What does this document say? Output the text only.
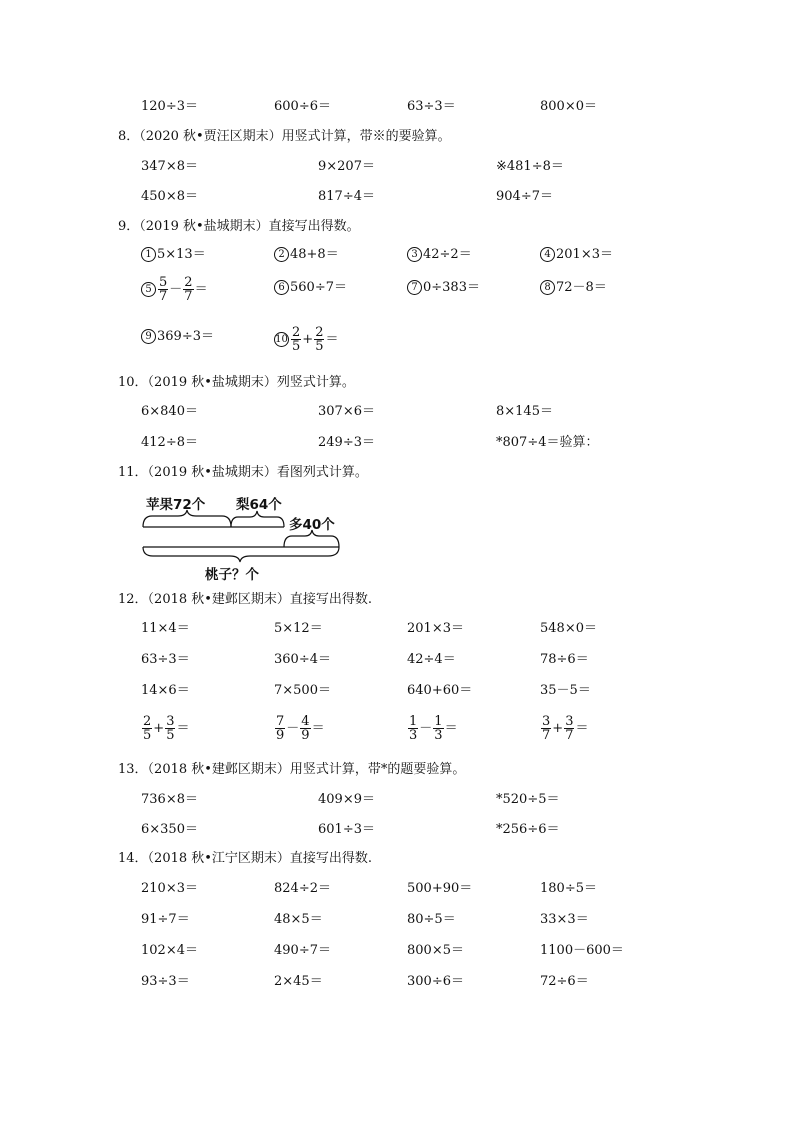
120÷3＝	600÷6＝	63÷3＝	800×0＝
8．（2020 秋•贾汪区期末）用竖式计算，带※的要验算。
347×8＝	9×207＝	※481÷8＝
450×8＝	817÷4＝	904÷7＝
9．（2019 秋•盐城期末）直接写出得数。
1 5×13＝	2 48+8＝	3 42÷2＝	4 201×3＝
$5 \frac{5}{7} - \frac{2}{7}$ ＝	6 560÷7＝	7 0÷383＝	8 72－8＝
9 369÷3＝	$10 \frac{2}{5} + \frac{2}{5}$ ＝
10．（2019 秋•盐城期末）列竖式计算。
6×840＝	307×6＝	8×145＝
412÷8＝	249÷3＝	*807÷4＝验算：
11．（2019 秋•盐城期末）看图列式计算。
苹果72个 梨64个
多40个
桃子？个
12．（2018 秋•建邺区期末）直接写出得数.
11×4＝	5×12＝	201×3＝	548×0＝
63÷3＝	360÷4＝	42÷4＝	78÷6＝
14×6＝	7×500＝	640+60＝	35－5＝
$\frac{2}{5} + \frac{3}{5}$ ＝	$\frac{7}{9} - \frac{4}{9}$ ＝	$\frac{1}{3} - \frac{1}{3}$ ＝	$\frac{3}{7} + \frac{3}{7}$ ＝
13．（2018 秋•建邺区期末）用竖式计算，带*的题要验算。
736×8＝	409×9＝	*520÷5＝
6×350＝	601÷3＝	*256÷6＝
14．（2018 秋•江宁区期末）直接写出得数.
210×3＝	824÷2＝	500+90＝	180÷5＝
91÷7＝	48×5＝	80÷5＝	33×3＝
102×4＝	490÷7＝	800×5＝	1100－600＝
93÷3＝	2×45＝	300÷6＝	72÷6＝
